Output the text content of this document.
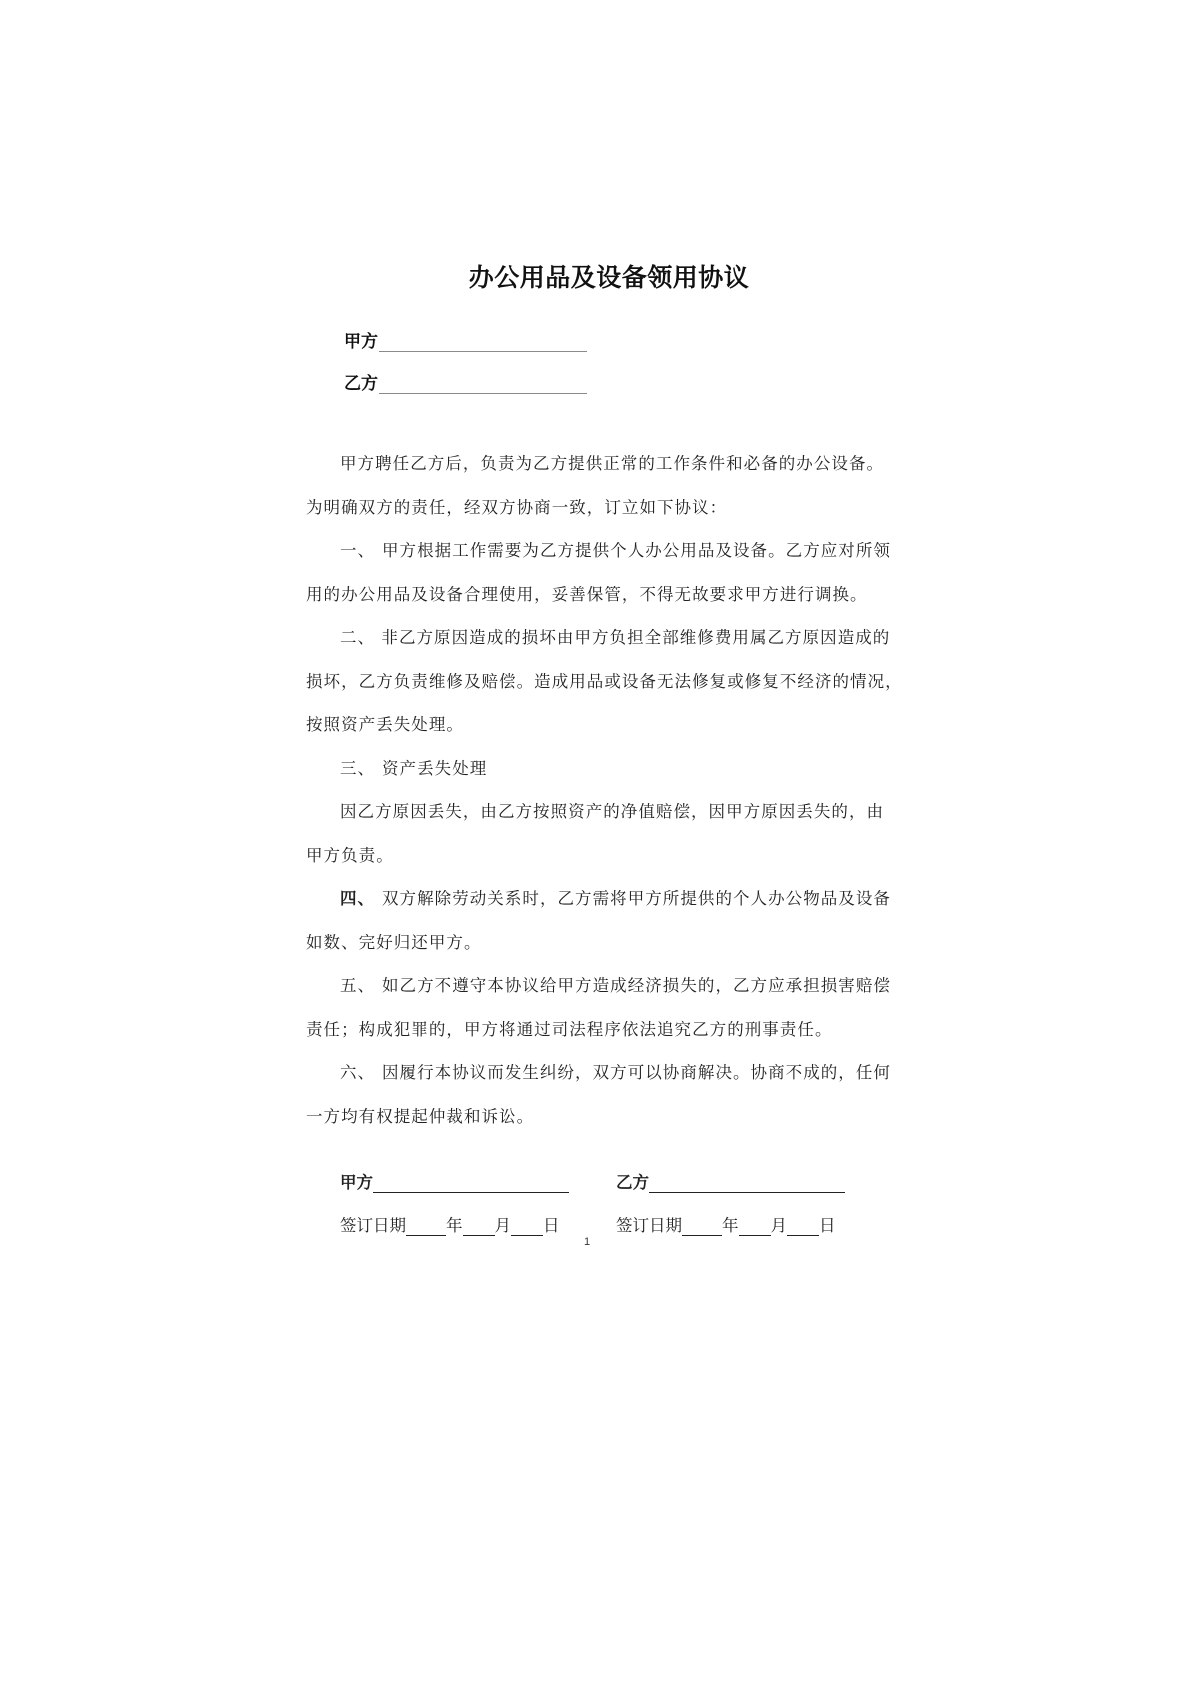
办公用品及设备领用协议
甲方
乙方
甲方聘任乙方后，负责为乙方提供正常的工作条件和必备的办公设备。
为明确双方的责任，经双方协商一致，订立如下协议：
一、 甲方根据工作需要为乙方提供个人办公用品及设备。乙方应对所领
用的办公用品及设备合理使用，妥善保管，不得无故要求甲方进行调换。
二、 非乙方原因造成的损坏由甲方负担全部维修费用属乙方原因造成的
损坏，乙方负责维修及赔偿。造成用品或设备无法修复或修复不经济的情况，
按照资产丢失处理。
三、 资产丢失处理
因乙方原因丢失，由乙方按照资产的净值赔偿，因甲方原因丢失的，由
甲方负责。
四、 双方解除劳动关系时，乙方需将甲方所提供的个人办公物品及设备
如数、完好归还甲方。
五、 如乙方不遵守本协议给甲方造成经济损失的，乙方应承担损害赔偿
责任；构成犯罪的，甲方将通过司法程序依法追究乙方的刑事责任。
六、 因履行本协议而发生纠纷，双方可以协商解决。协商不成的，任何
一方均有权提起仲裁和诉讼。
甲方	乙方
签订日期 年 月 日	签订日期 年 月 日
1
